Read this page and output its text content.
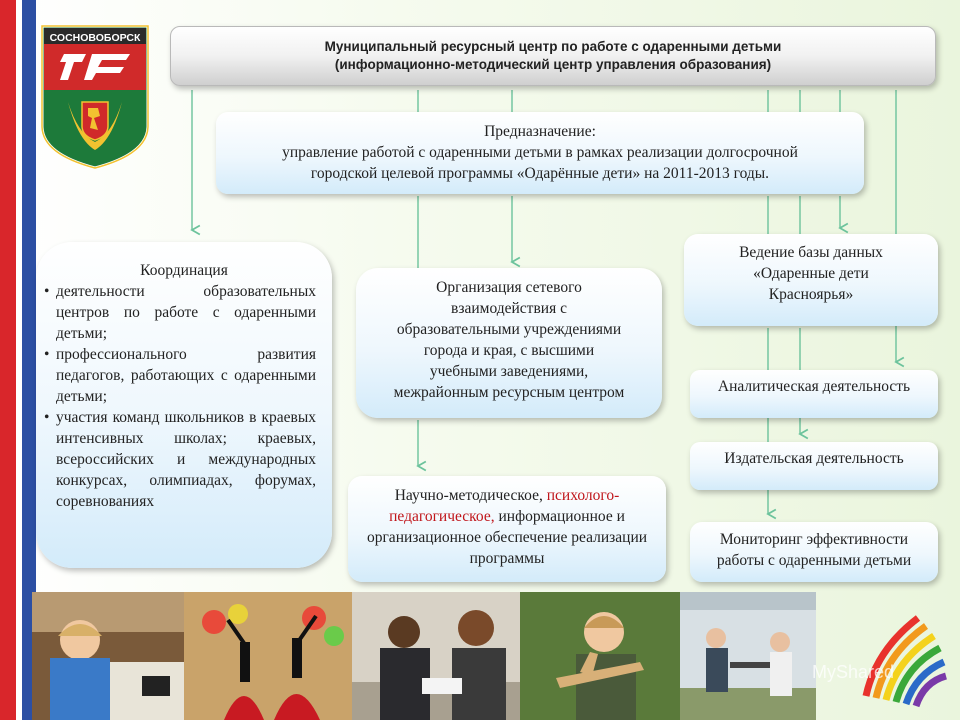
СОСНОВОБОРСК
Муниципальный ресурсный центр по работе с одаренными детьми
(информационно-методический центр управления образования)
Предназначение:
управление работой с одаренными детьми в рамках реализации долгосрочной
городской целевой программы «Одарённые дети» на 2011-2013 годы.
Координация
• деятельности образовательных центров по работе с одаренными детьми;
• профессионального развития педагогов, работающих с одаренными детьми;
• участия команд школьников в краевых интенсивных школах; краевых, всероссийских и международных конкурсах, олимпиадах, форумах, соревнованиях
Организация сетевого
взаимодействия с
образовательными учреждениями
города и края, с высшими
учебными заведениями,
межрайонным ресурсным центром
Научно-методическое, психолого-педагогическое, информационное и организационное обеспечение реализации программы
Ведение базы данных
«Одаренные дети
Красноярья»
Аналитическая деятельность
Издательская деятельность
Мониторинг эффективности
работы с одаренными детьми
MyShared
